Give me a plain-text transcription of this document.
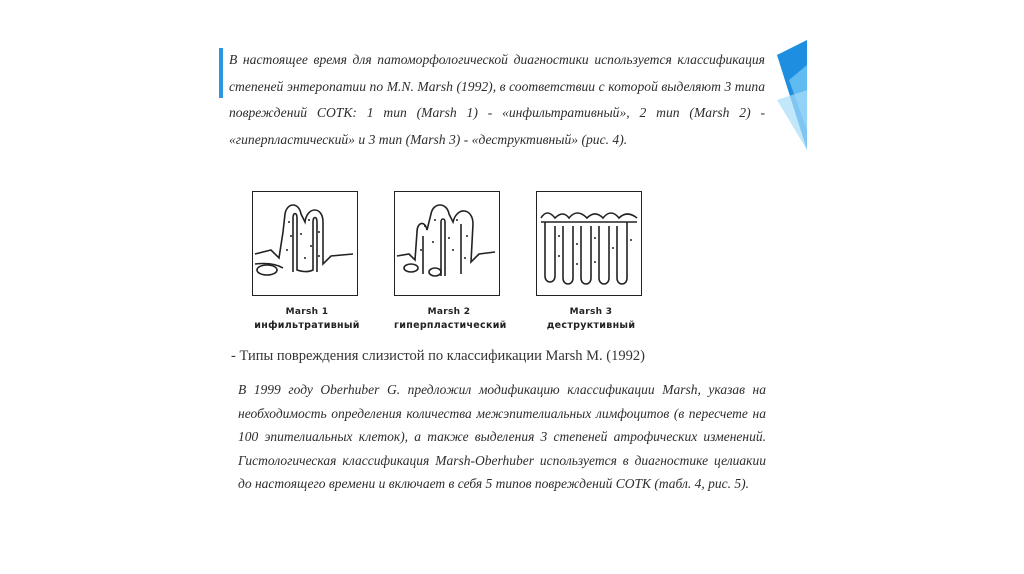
В настоящее время для патоморфологической диагностики используется классификация степеней энтеропатии по M.N. Marsh (1992), в соответствии с которой выделяют 3 типа повреждений СОТК: 1 тип (Marsh 1) - «инфильтративный», 2 тип (Marsh 2) - «гиперпластический» и 3 тип (Marsh 3) - «деструктивный» (рис. 4).
Marsh 1
инфильтративный
Marsh 2
гиперпластический
Marsh 3
деструктивный
- Типы повреждения слизистой по классификации Marsh M. (1992)
В 1999 году Oberhuber G. предложил модификацию классификации Marsh, указав на необходимость определения количества межэпителиальных лимфоцитов (в пересчете на 100 эпителиальных клеток), а также выделения 3 степеней атрофических изменений. Гистологическая классификация Marsh-Oberhuber используется в диагностике целиакии до настоящего времени и включает в себя 5 типов повреждений СОТК (табл. 4, рис. 5).
